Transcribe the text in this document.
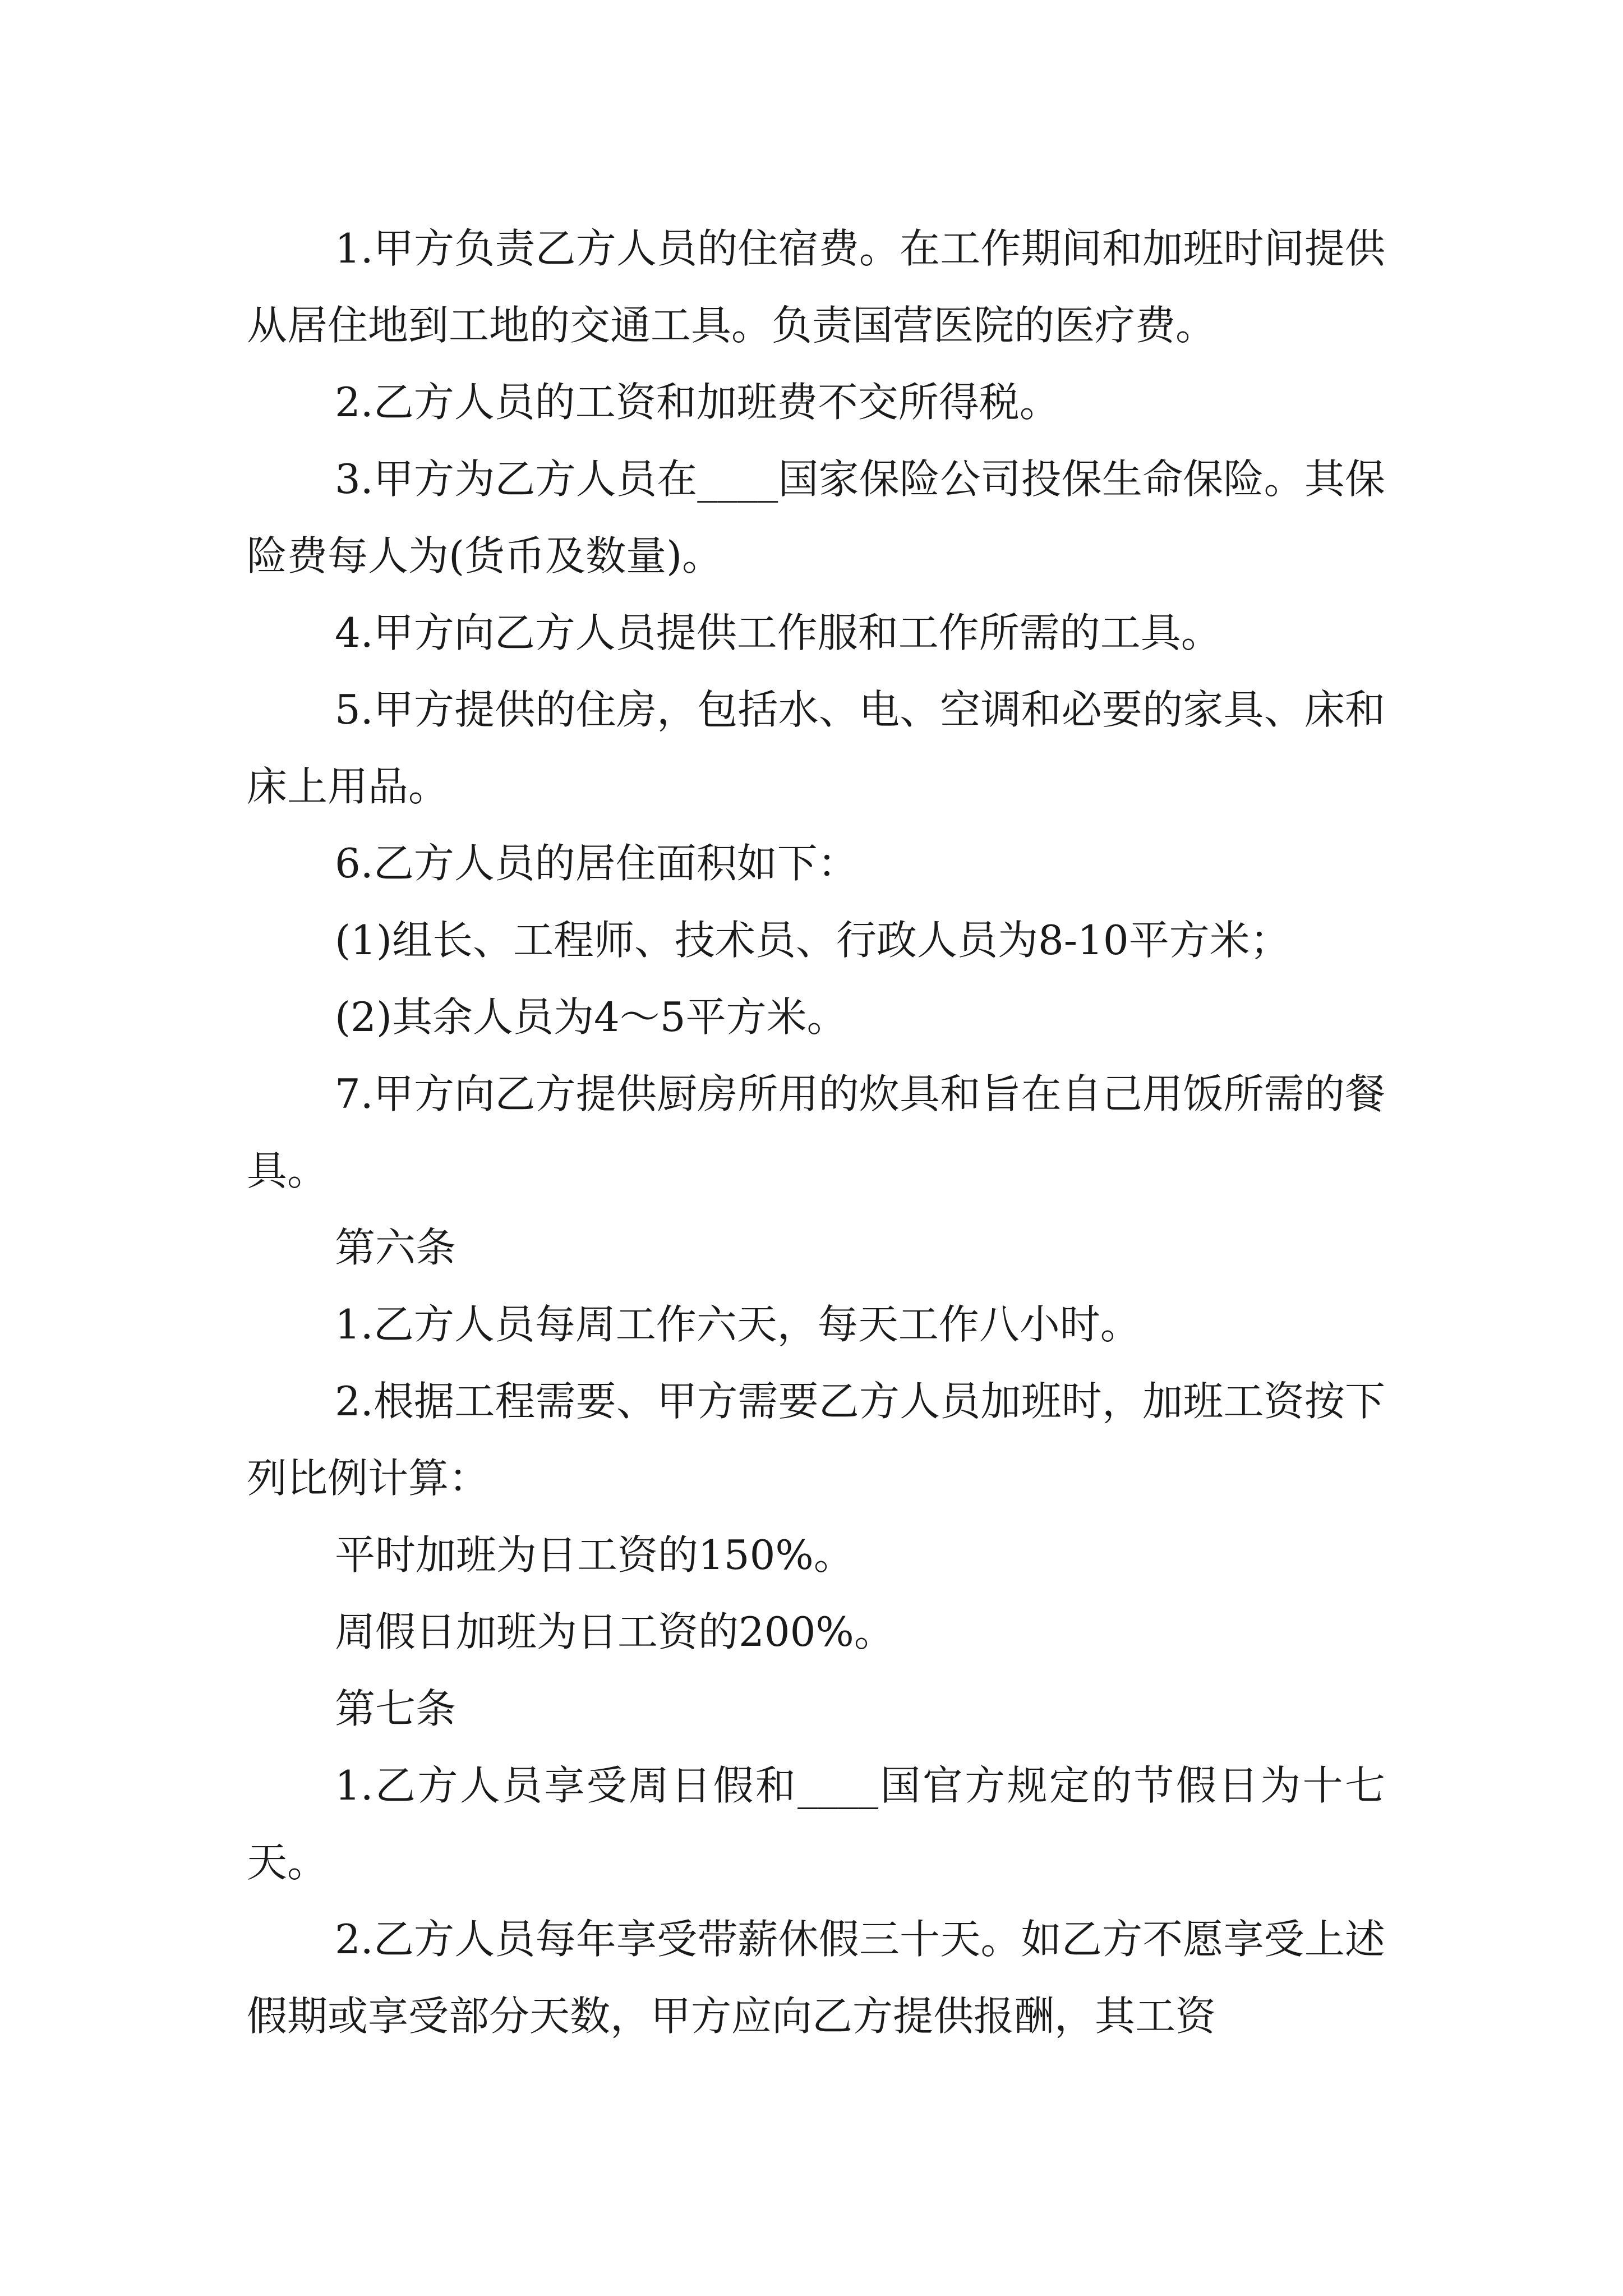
1.甲方负责乙方人员的住宿费。在工作期间和加班时间提供从居住地到工地的交通工具。负责国营医院的医疗费。

2.乙方人员的工资和加班费不交所得税。

3.甲方为乙方人员在____国家保险公司投保生命保险。其保险费每人为(货币及数量)。

4.甲方向乙方人员提供工作服和工作所需的工具。

5.甲方提供的住房，包括水、电、空调和必要的家具、床和床上用品。

6.乙方人员的居住面积如下：

(1)组长、工程师、技术员、行政人员为8-10平方米；

(2)其余人员为4～5平方米。

7.甲方向乙方提供厨房所用的炊具和旨在自己用饭所需的餐具。

第六条

1.乙方人员每周工作六天，每天工作八小时。

2.根据工程需要、甲方需要乙方人员加班时，加班工资按下列比例计算：

平时加班为日工资的150%。

周假日加班为日工资的200%。

第七条

1.乙方人员享受周日假和____国官方规定的节假日为十七天。

2.乙方人员每年享受带薪休假三十天。如乙方不愿享受上述假期或享受部分天数，甲方应向乙方提供报酬，其工资
